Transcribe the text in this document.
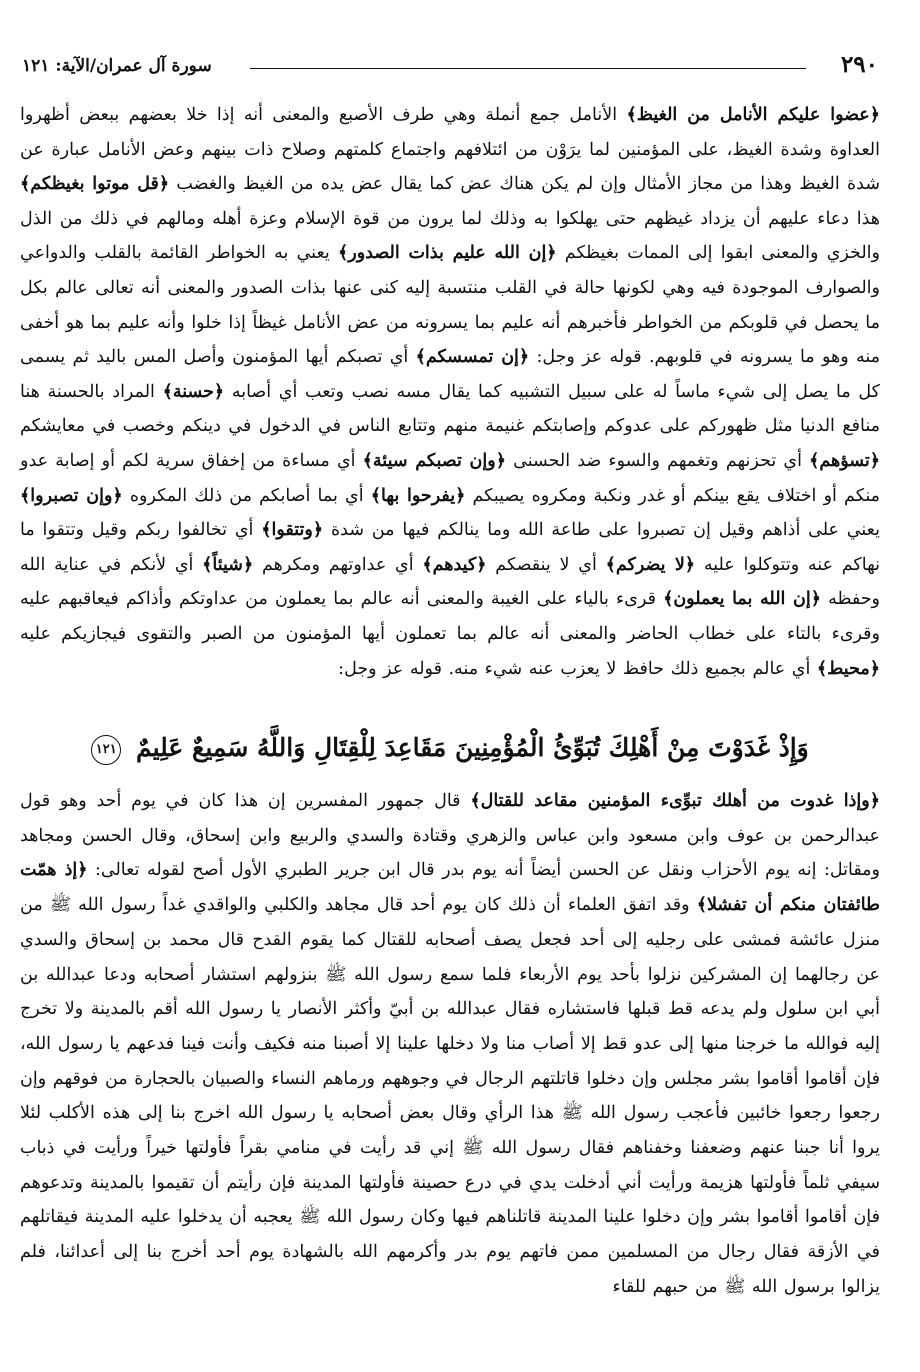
٢٩٠
سورة آل عمران/الآية: ١٢١

﴿عضوا عليكم الأنامل من الغيظ﴾ الأنامل جمع أنملة وهي طرف الأصبع والمعنى أنه إذا خلا بعضهم ببعض أظهروا العداوة وشدة الغيظ، على المؤمنين لما يرَوْن من ائتلافهم واجتماع كلمتهم وصلاح ذات بينهم وعض الأنامل عبارة عن شدة الغيظ وهذا من مجاز الأمثال وإن لم يكن هناك عض كما يقال عض يده من الغيظ والغضب ﴿قل موتوا بغيظكم﴾ هذا دعاء عليهم أن يزداد غيظهم حتى يهلكوا به وذلك لما يرون من قوة الإسلام وعزة أهله ومالهم في ذلك من الذل والخزي والمعنى ابقوا إلى الممات بغيظكم ﴿إن الله عليم بذات الصدور﴾ يعني به الخواطر القائمة بالقلب والدواعي والصوارف الموجودة فيه وهي لكونها حالة في القلب منتسبة إليه كنى عنها بذات الصدور والمعنى أنه تعالى عالم بكل ما يحصل في قلوبكم من الخواطر فأخبرهم أنه عليم بما يسرونه من عض الأنامل غيظاً إذا خلوا وأنه عليم بما هو أخفى منه وهو ما يسرونه في قلوبهم. قوله عز وجل: ﴿إن تمسسكم﴾ أي تصبكم أيها المؤمنون وأصل المس باليد ثم يسمى كل ما يصل إلى شيء ماساً له على سبيل التشبيه كما يقال مسه نصب وتعب أي أصابه ﴿حسنة﴾ المراد بالحسنة هنا منافع الدنيا مثل ظهوركم على عدوكم وإصابتكم غنيمة منهم وتتابع الناس في الدخول في دينكم وخصب في معايشكم ﴿تسؤهم﴾ أي تحزنهم وتغمهم والسوء ضد الحسنى ﴿وإن تصبكم سيئة﴾ أي مساءة من إخفاق سرية لكم أو إصابة عدو منكم أو اختلاف يقع بينكم أو غدر ونكبة ومكروه يصيبكم ﴿يفرحوا بها﴾ أي بما أصابكم من ذلك المكروه ﴿وإن تصبروا﴾ يعني على أذاهم وقيل إن تصبروا على طاعة الله وما ينالكم فيها من شدة ﴿وتتقوا﴾ أي تخالفوا ربكم وقيل وتتقوا ما نهاكم عنه وتتوكلوا عليه ﴿لا يضركم﴾ أي لا ينقصكم ﴿كيدهم﴾ أي عداوتهم ومكرهم ﴿شيئاً﴾ أي لأنكم في عناية الله وحفظه ﴿إن الله بما يعملون﴾ قرىء بالياء على الغيبة والمعنى أنه عالم بما يعملون من عداوتكم وأذاكم فيعاقبهم عليه وقرىء بالتاء على خطاب الحاضر والمعنى أنه عالم بما تعملون أيها المؤمنون من الصبر والتقوى فيجازيكم عليه ﴿محيط﴾ أي عالم بجميع ذلك حافظ لا يعزب عنه شيء منه. قوله عز وجل:

وَإِذْ غَدَوْتَ مِنْ أَهْلِكَ تُبَوِّئُ الْمُؤْمِنِينَ مَقَاعِدَ لِلْقِتَالِ وَاللَّهُ سَمِيعٌ عَلِيمٌ ١٢١

﴿وإذا غدوت من أهلك تبوِّىء المؤمنين مقاعد للقتال﴾ قال جمهور المفسرين إن هذا كان في يوم أحد وهو قول عبدالرحمن بن عوف وابن مسعود وابن عباس والزهري وقتادة والسدي والربيع وابن إسحاق، وقال الحسن ومجاهد ومقاتل: إنه يوم الأحزاب ونقل عن الحسن أيضاً أنه يوم بدر قال ابن جرير الطبري الأول أصح لقوله تعالى: ﴿إذ همّت طائفتان منكم أن تفشلا﴾ وقد اتفق العلماء أن ذلك كان يوم أحد قال مجاهد والكلبي والواقدي غداً رسول الله ﷺ من منزل عائشة فمشى على رجليه إلى أحد فجعل يصف أصحابه للقتال كما يقوم القدح قال محمد بن إسحاق والسدي عن رجالهما إن المشركين نزلوا بأحد يوم الأربعاء فلما سمع رسول الله ﷺ بنزولهم استشار أصحابه ودعا عبدالله بن أبي ابن سلول ولم يدعه قط قبلها فاستشاره فقال عبدالله بن أبيّ وأكثر الأنصار يا رسول الله أقم بالمدينة ولا تخرج إليه فوالله ما خرجنا منها إلى عدو قط إلا أصاب منا ولا دخلها علينا إلا أصبنا منه فكيف وأنت فينا فدعهم يا رسول الله، فإن أقاموا أقاموا بشر مجلس وإن دخلوا قاتلتهم الرجال في وجوههم ورماهم النساء والصبيان بالحجارة من فوقهم وإن رجعوا رجعوا خائبين فأعجب رسول الله ﷺ هذا الرأي وقال بعض أصحابه يا رسول الله اخرج بنا إلى هذه الأكلب لئلا يروا أنا جبنا عنهم وضعفنا وخفناهم فقال رسول الله ﷺ إني قد رأيت في منامي بقراً فأولتها خيراً ورأيت في ذباب سيفي ثلماً فأولتها هزيمة ورأيت أني أدخلت يدي في درع حصينة فأولتها المدينة فإن رأيتم أن تقيموا بالمدينة وتدعوهم فإن أقاموا أقاموا بشر وإن دخلوا علينا المدينة قاتلناهم فيها وكان رسول الله ﷺ يعجبه أن يدخلوا عليه المدينة فيقاتلهم في الأزقة فقال رجال من المسلمين ممن فاتهم يوم بدر وأكرمهم الله بالشهادة يوم أحد أخرج بنا إلى أعدائنا، فلم يزالوا برسول الله ﷺ من حبهم للقاء
